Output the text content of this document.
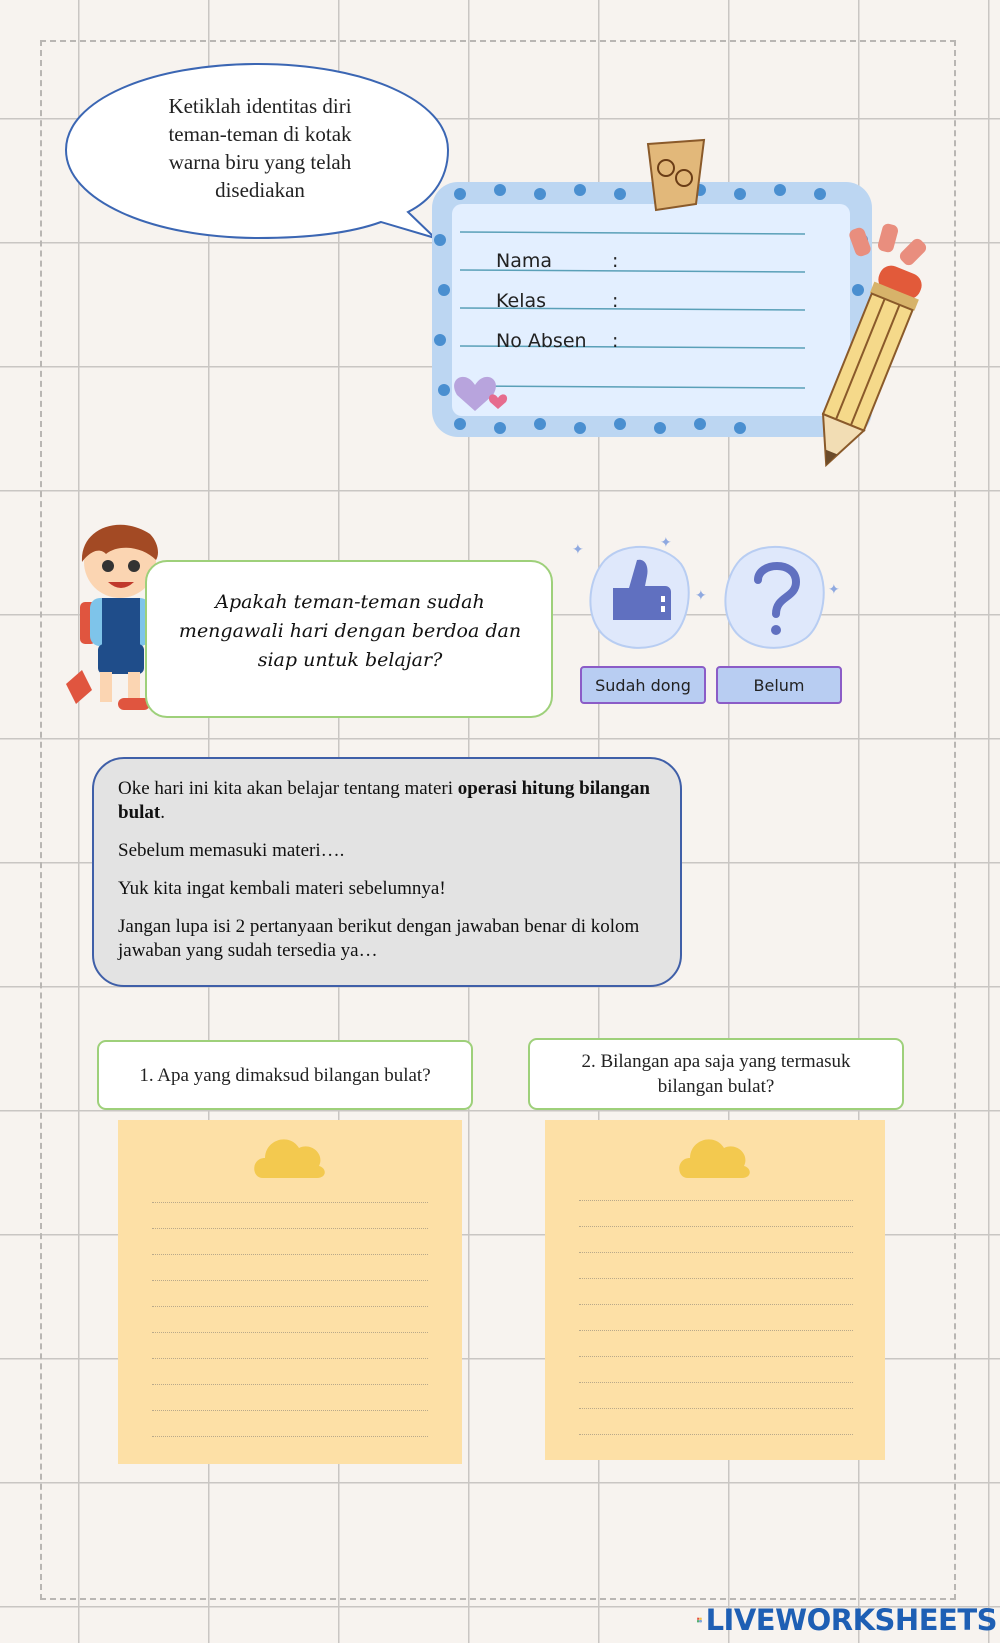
Ketiklah identitas diri
teman-teman di kotak
warna biru yang telah
disediakan
Nama	:
Kelas	:
No Absen :
Apakah teman-teman sudah
mengawali hari dengan berdoa dan
siap untuk belajar?
✦
✦	✦
✦
Sudah dong	Belum

Oke hari ini kita akan belajar tentang materi operasi hitung bilangan bulat.

Sebelum memasuki materi….

Yuk kita ingat kembali materi sebelumnya!

Jangan lupa isi 2 pertanyaan berikut dengan jawaban benar di kolom jawaban yang sudah tersedia ya…

1. Apa yang dimaksud bilangan bulat?
2. Bilangan apa saja yang termasuk
bilangan bulat?
L I
V E LIVEWORKSHEETS
